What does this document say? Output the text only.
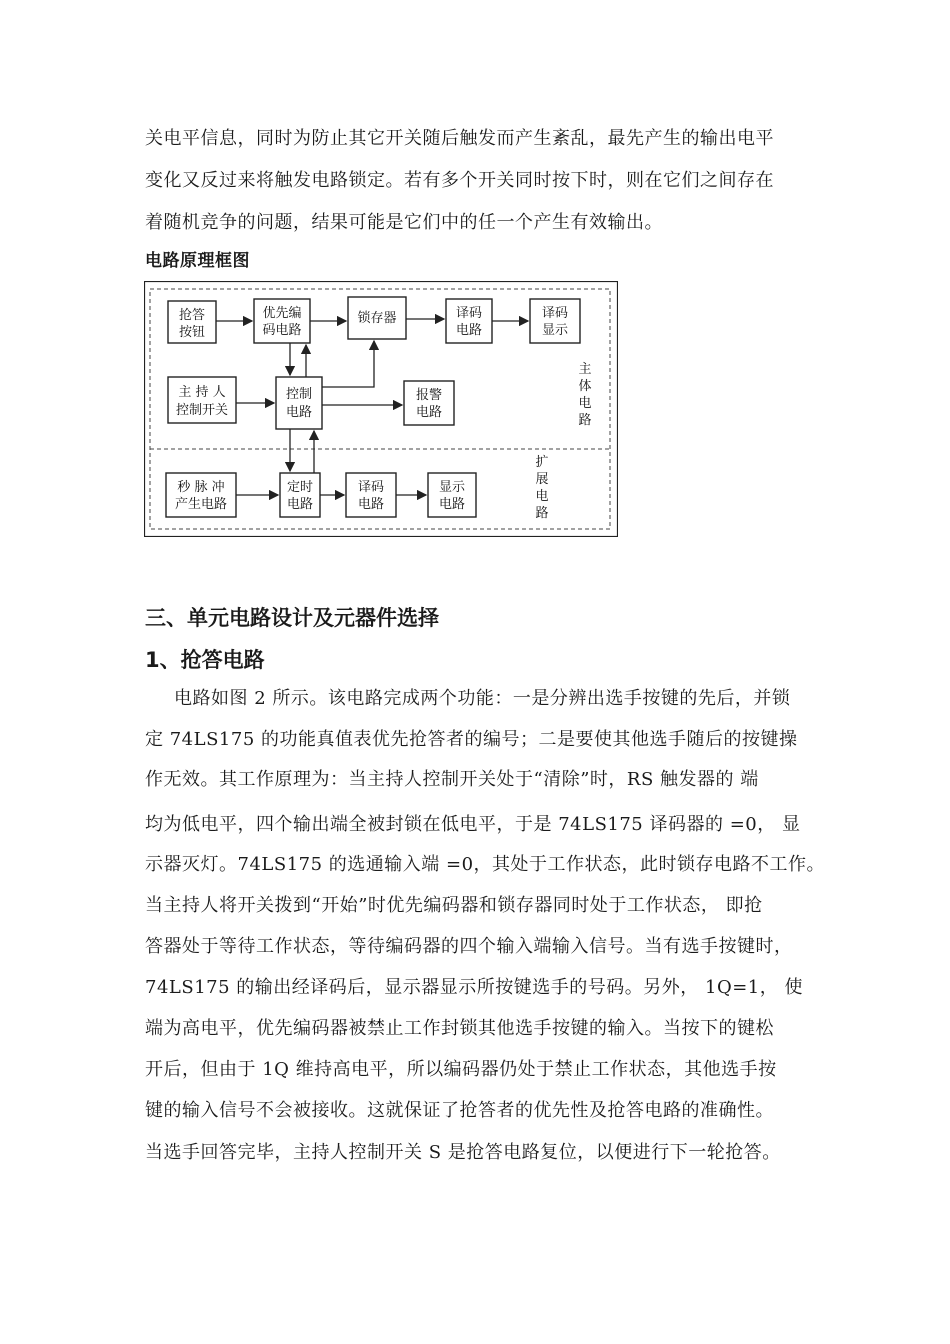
关电平信息，同时为防止其它开关随后触发而产生紊乱，最先产生的输出电平
变化又反过来将触发电路锁定。若有多个开关同时按下时，则在它们之间存在
着随机竞争的问题，结果可能是它们中的任一个产生有效输出。
电路原理框图
抢答
按钮
优先编
码电路
锁存器	译码
电路
译码
显示
主 持 人
控制开关
控制
电路
报警
电路
秒 脉 冲
产生电路
定时
电路
译码
电路
显示
电路
主
体
电
路
扩
展
电
路
三、单元电路设计及元器件选择
1、抢答电路
电路如图 2 所示。该电路完成两个功能：一是分辨出选手按键的先后，并锁
定 74LS175 的功能真值表优先抢答者的编号；二是要使其他选手随后的按键操
作无效。其工作原理为：当主持人控制开关处于“清除”时，RS 触发器的 端
均为低电平，四个输出端全被封锁在低电平，于是 74LS175 译码器的 =0， 显
示器灭灯。74LS175 的选通输入端 =0，其处于工作状态，此时锁存电路不工作。
当主持人将开关拨到“开始”时优先编码器和锁存器同时处于工作状态， 即抢
答器处于等待工作状态，等待编码器的四个输入端输入信号。当有选手按键时，
74LS175 的输出经译码后，显示器显示所按键选手的号码。另外， 1Q=1， 使
端为高电平，优先编码器被禁止工作封锁其他选手按键的输入。当按下的键松
开后，但由于 1Q 维持高电平，所以编码器仍处于禁止工作状态，其他选手按
键的输入信号不会被接收。这就保证了抢答者的优先性及抢答电路的准确性。
当选手回答完毕，主持人控制开关 S 是抢答电路复位，以便进行下一轮抢答。
